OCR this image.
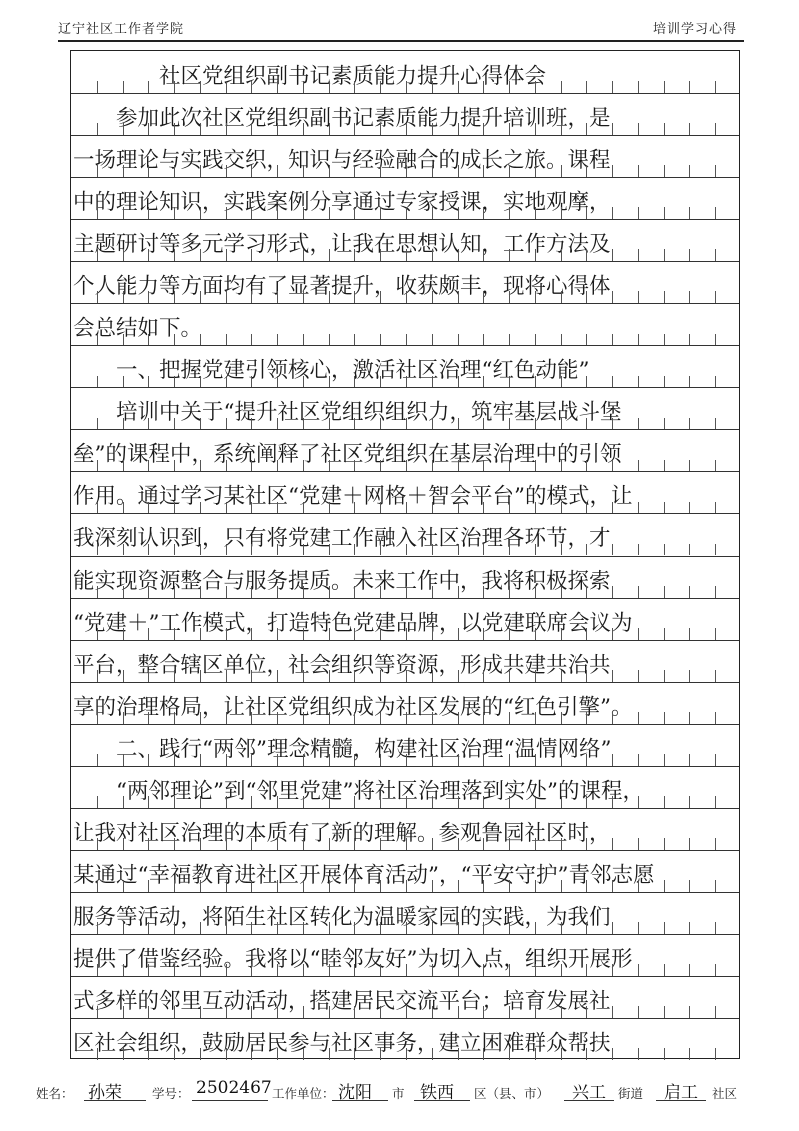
辽宁社区工作者学院	培训学习心得
　　　　社区党组织副书记素质能力提升心得体会
　　参加此次社区党组织副书记素质能力提升培训班，是
一场理论与实践交织，知识与经验融合的成长之旅。课程
中的理论知识，实践案例分享通过专家授课，实地观摩，
主题研讨等多元学习形式，让我在思想认知，工作方法及
个人能力等方面均有了显著提升，收获颇丰，现将心得体
会总结如下。
　　一、把握党建引领核心，激活社区治理“红色动能”
　　培训中关于“提升社区党组织组织力，筑牢基层战斗堡
垒”的课程中，系统阐释了社区党组织在基层治理中的引领
作用。通过学习某社区“党建＋网格＋智会平台”的模式，让
我深刻认识到，只有将党建工作融入社区治理各环节，才
能实现资源整合与服务提质。未来工作中，我将积极探索
“党建＋”工作模式，打造特色党建品牌，以党建联席会议为
平台，整合辖区单位，社会组织等资源，形成共建共治共
享的治理格局，让社区党组织成为社区发展的“红色引擎”。
　　二、践行“两邻”理念精髓，构建社区治理“温情网络”
　　“两邻理论”到“邻里党建”将社区治理落到实处”的课程，
让我对社区治理的本质有了新的理解。参观鲁园社区时，
某通过“幸福教育进社区开展体育活动”，“平安守护”青邻志愿
服务等活动，将陌生社区转化为温暖家园的实践，为我们
提供了借鉴经验。我将以“睦邻友好”为切入点，组织开展形
式多样的邻里互动活动，搭建居民交流平台；培育发展社
区社会组织，鼓励居民参与社区事务，建立困难群众帮扶
姓名： 孙荣 学号： 2502467 工作单位： 沈阳 市 铁西 区（县、市） 兴工 街道 启工 社区
